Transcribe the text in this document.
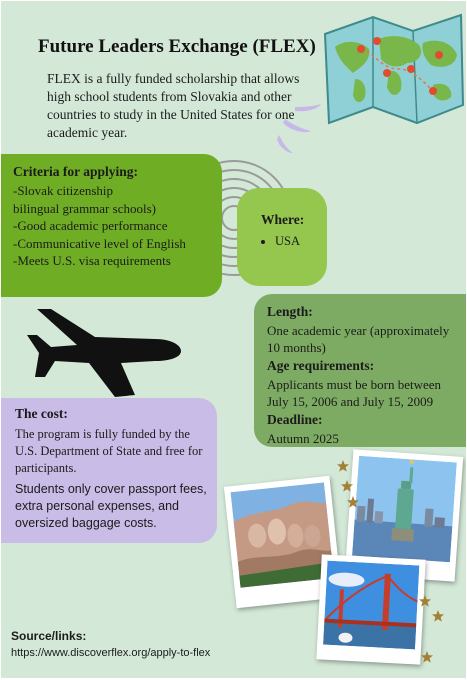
Future Leaders Exchange (FLEX)
FLEX is a fully funded scholarship that allows
high school students from Slovakia and other
countries to study in the United States for one
academic year.
Criteria for applying:
-Slovak citizenship
bilingual grammar schools)
-Good academic performance
-Communicative level of English
-Meets U.S. visa requirements
Where:
• USA
Length:
One academic year (approximately 10 months)
Age requirements:
Applicants must be born between July 15, 2006 and July 15, 2009
Deadline:
Autumn 2025
The cost:
The program is fully funded by the U.S. Department of State and free for participants.
Students only cover passport fees, extra personal expenses, and oversized baggage costs.
Source/links:
https://www.discoverflex.org/apply-to-flex
